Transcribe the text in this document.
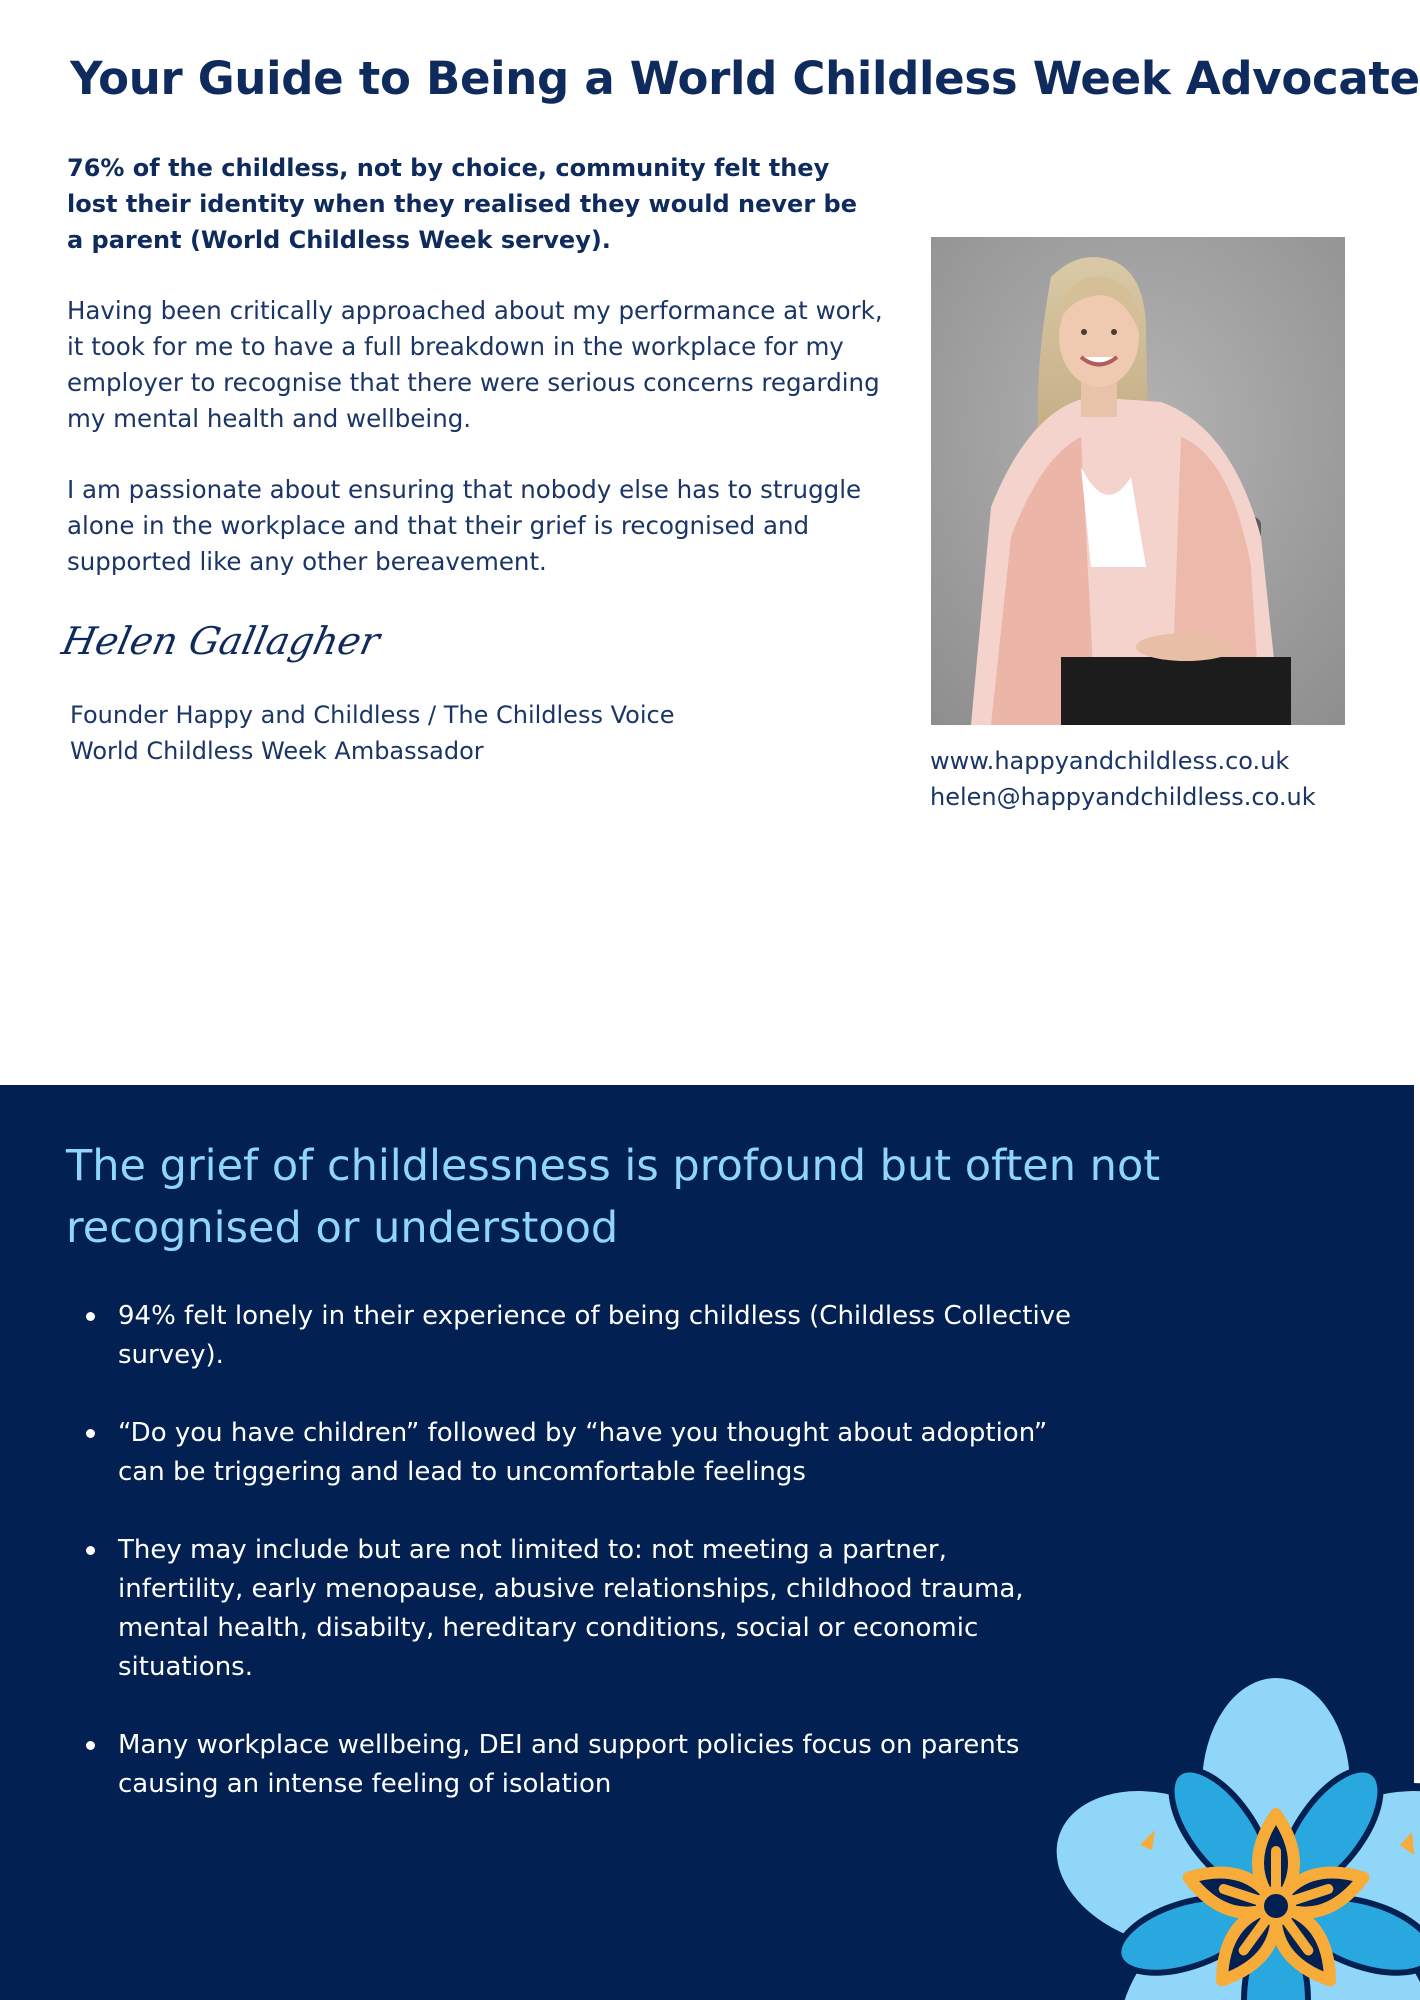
Your Guide to Being a World Childless Week Advocate

76% of the childless, not by choice, community felt they lost their identity when they realised they would never be a parent (World Childless Week servey).

Having been critically approached about my performance at work, it took for me to have a full breakdown in the workplace for my employer to recognise that there were serious concerns regarding my mental health and wellbeing.

I am passionate about ensuring that nobody else has to struggle alone in the workplace and that their grief is recognised and supported like any other bereavement.

Helen Gallagher

Founder Happy and Childless / The Childless Voice
World Childless Week Ambassador	www.happyandchildless.co.uk
helen@happyandchildless.co.uk

The grief of childlessness is profound but often not recognised or understood
94% felt lonely in their experience of being childless (Childless Collective survey).
“Do you have children” followed by “have you thought about adoption” can be triggering and lead to uncomfortable feelings
They may include but are not limited to: not meeting a partner, infertility, early menopause, abusive relationships, childhood trauma, mental health, disabilty, hereditary conditions, social or economic situations.
Many workplace wellbeing, DEI and support policies focus on parents causing an intense feeling of isolation
